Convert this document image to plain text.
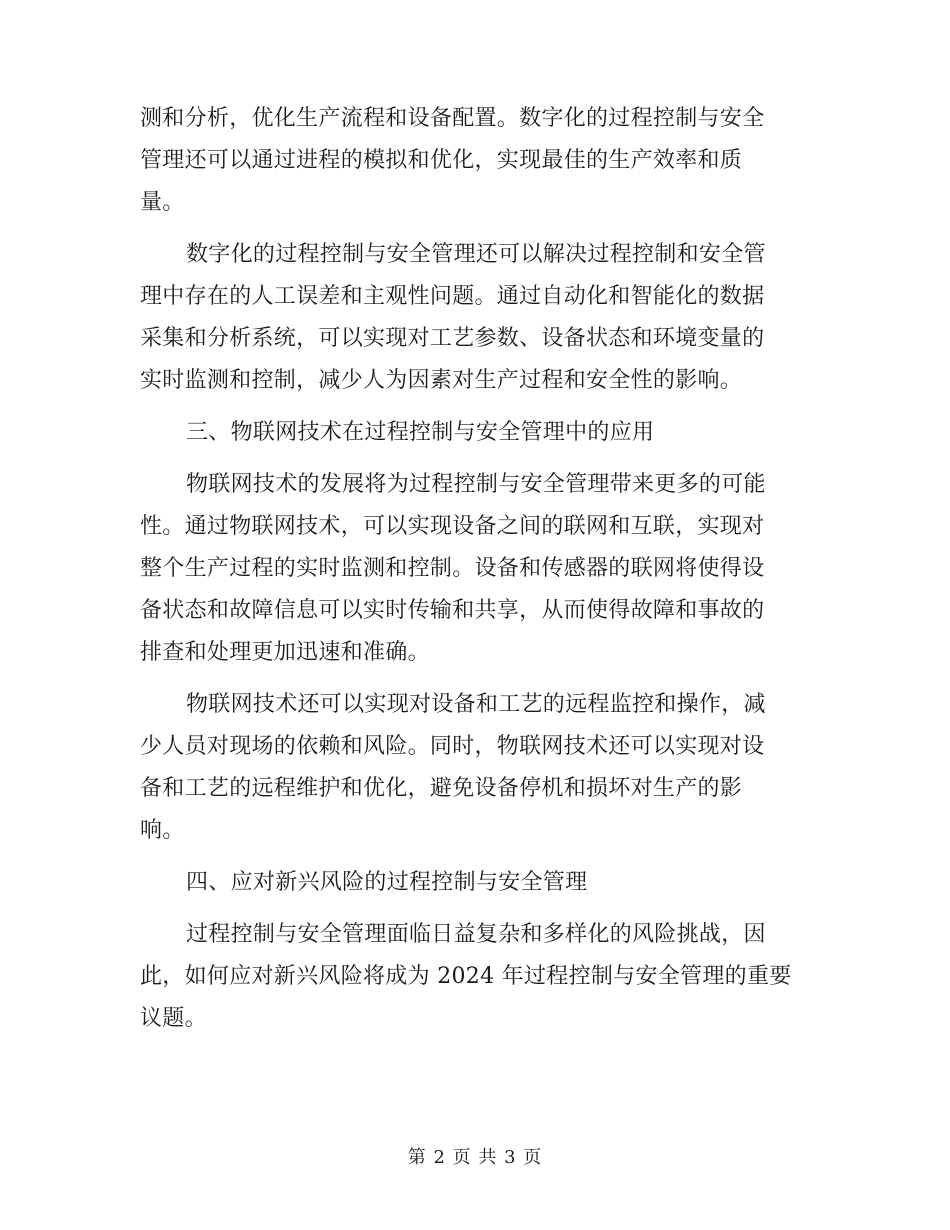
测和分析，优化生产流程和设备配置。数字化的过程控制与安全
管理还可以通过进程的模拟和优化，实现最佳的生产效率和质
量。
数字化的过程控制与安全管理还可以解决过程控制和安全管
理中存在的人工误差和主观性问题。通过自动化和智能化的数据
采集和分析系统，可以实现对工艺参数、设备状态和环境变量的
实时监测和控制，减少人为因素对生产过程和安全性的影响。
三、物联网技术在过程控制与安全管理中的应用
物联网技术的发展将为过程控制与安全管理带来更多的可能
性。通过物联网技术，可以实现设备之间的联网和互联，实现对
整个生产过程的实时监测和控制。设备和传感器的联网将使得设
备状态和故障信息可以实时传输和共享，从而使得故障和事故的
排查和处理更加迅速和准确。
物联网技术还可以实现对设备和工艺的远程监控和操作，减
少人员对现场的依赖和风险。同时，物联网技术还可以实现对设
备和工艺的远程维护和优化，避免设备停机和损坏对生产的影
响。
四、应对新兴风险的过程控制与安全管理
过程控制与安全管理面临日益复杂和多样化的风险挑战，因
此，如何应对新兴风险将成为 2024 年过程控制与安全管理的重要
议题。
第 2 页 共 3 页
